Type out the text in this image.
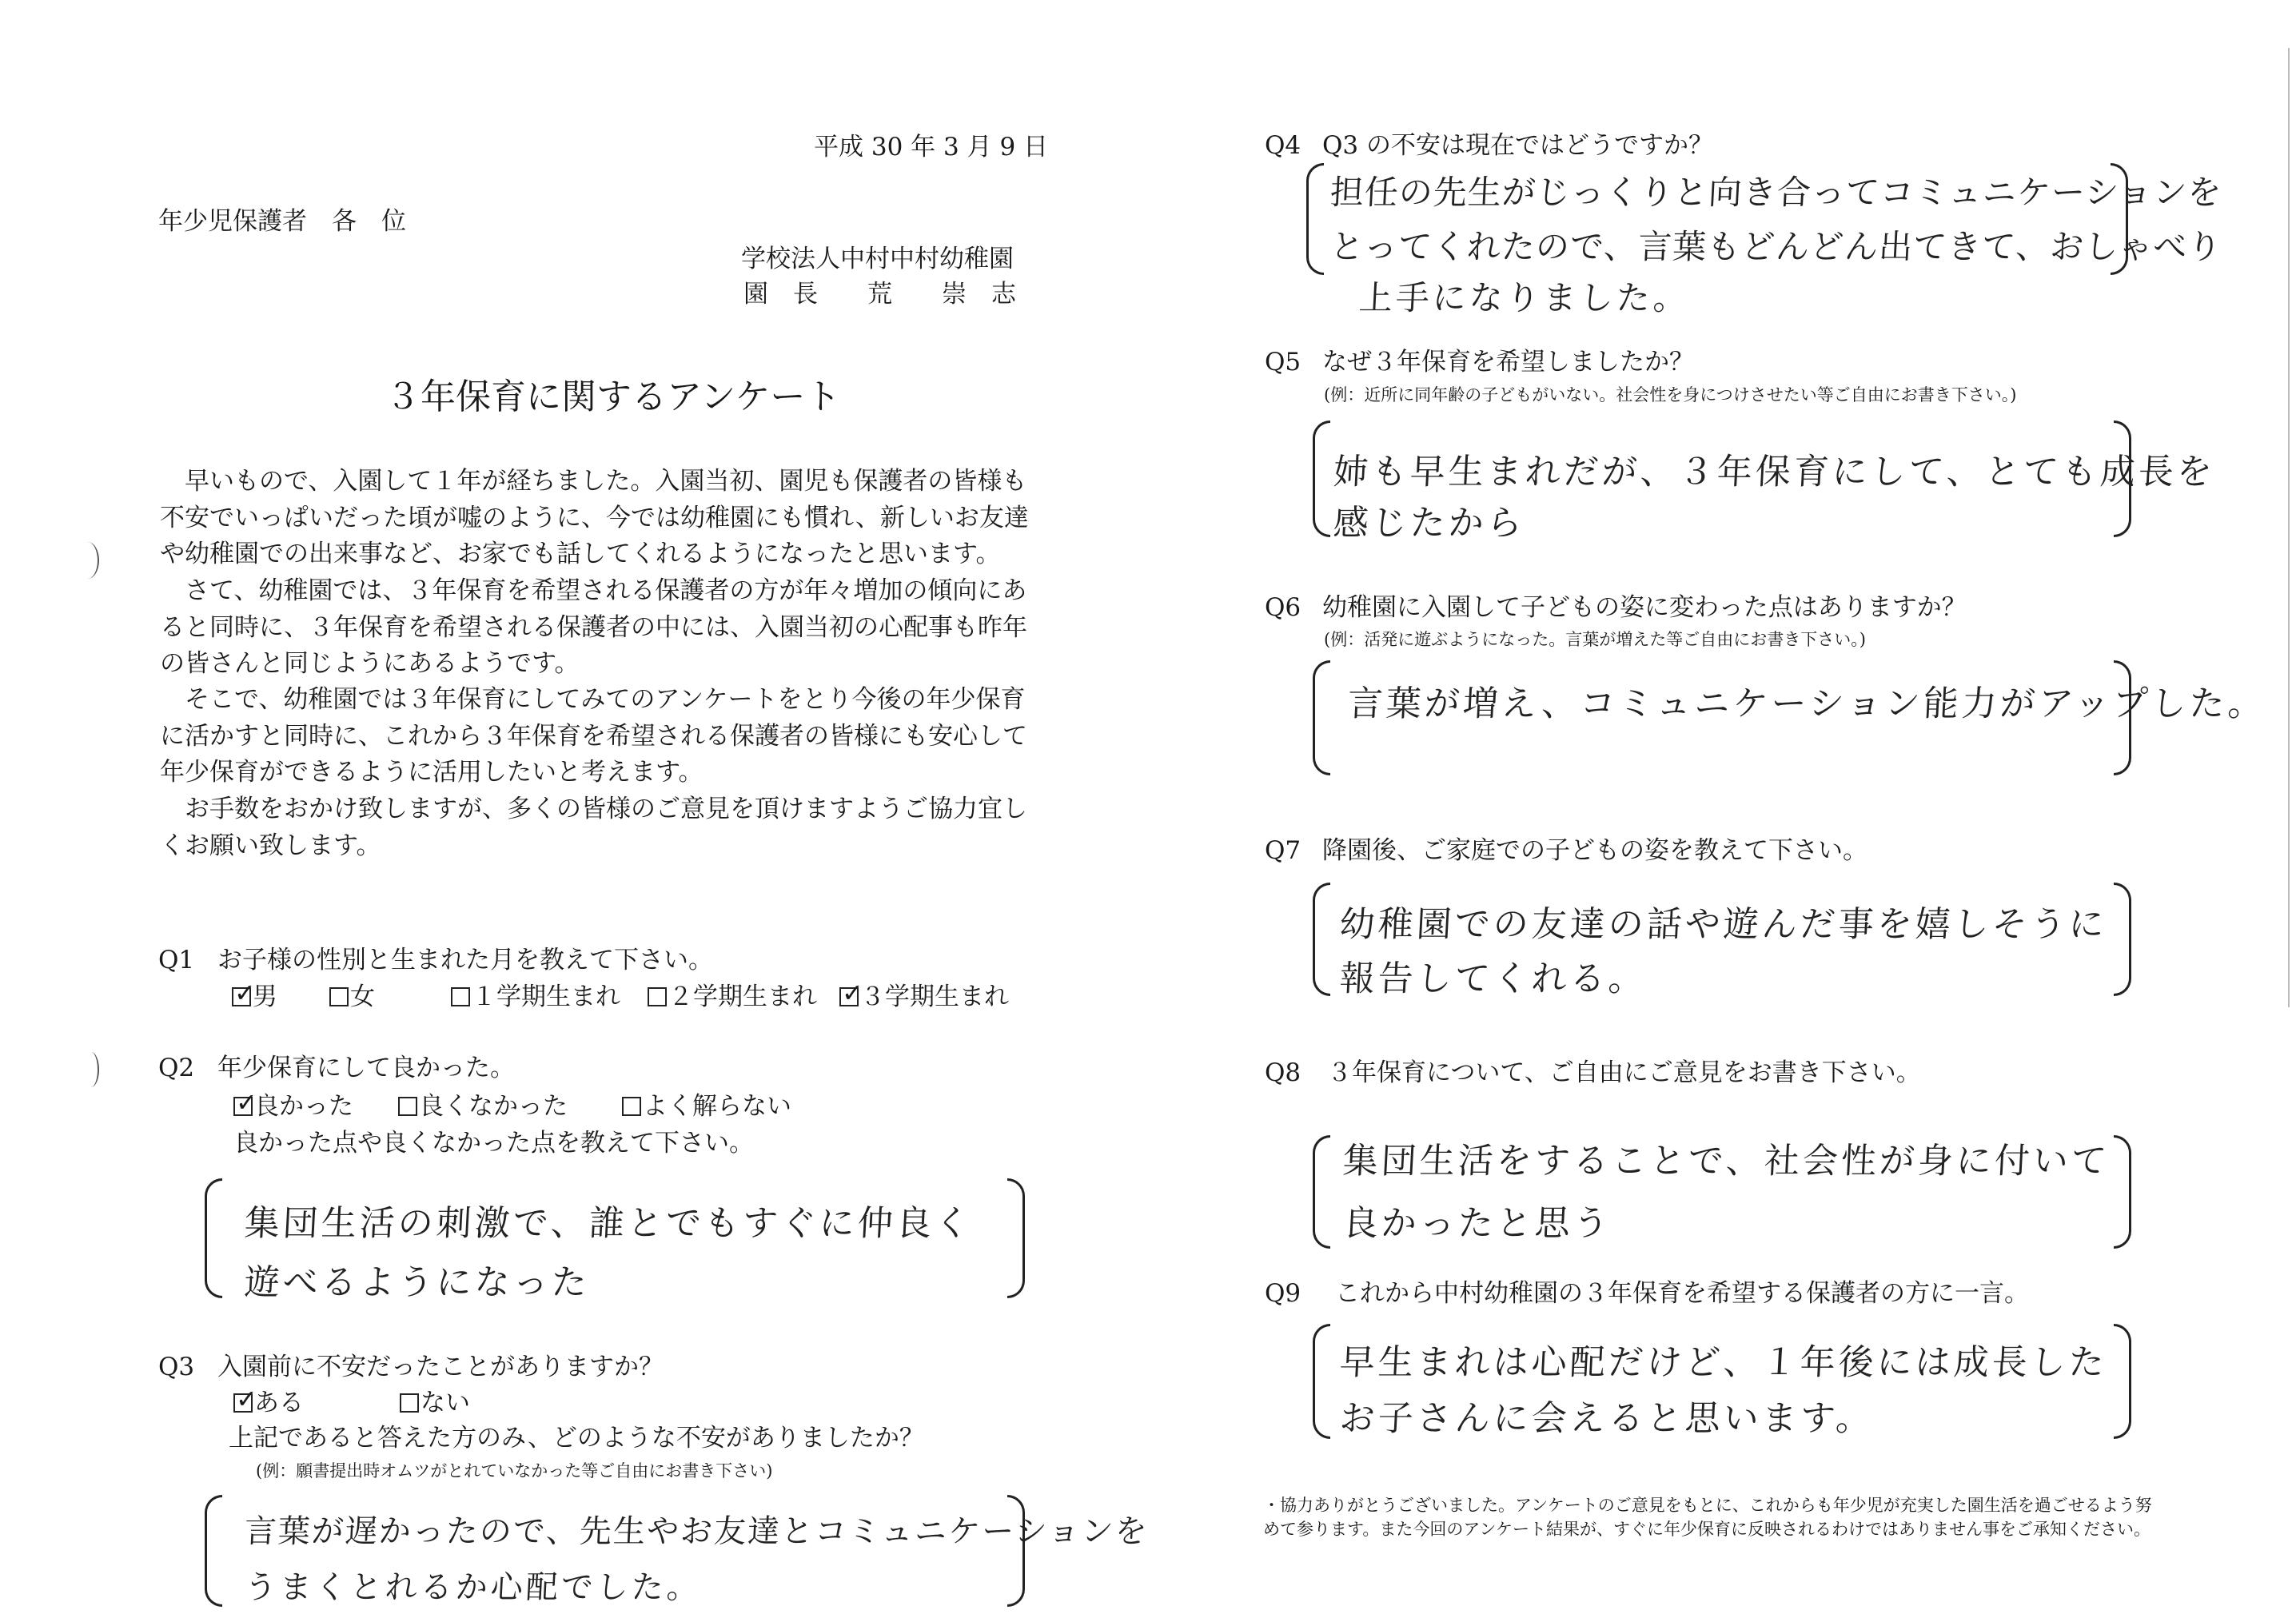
平成 30 年 3 月 9 日
年少児保護者　各　位
学校法人中村中村幼稚園
園　長　　荒　　崇　志
３年保育に関するアンケート
　早いもので、入園して１年が経ちました。入園当初、園児も保護者の皆様も不安でいっぱいだった頃が嘘のように、今では幼稚園にも慣れ、新しいお友達や幼稚園での出来事など、お家でも話してくれるようになったと思います。
　さて、幼稚園では、３年保育を希望される保護者の方が年々増加の傾向にあると同時に、３年保育を希望される保護者の中には、入園当初の心配事も昨年の皆さんと同じようにあるようです。
　そこで、幼稚園では３年保育にしてみてのアンケートをとり今後の年少保育に活かすと同時に、これから３年保育を希望される保護者の皆様にも安心して年少保育ができるように活用したいと考えます。
　お手数をおかけ致しますが、多くの皆様のご意見を頂けますようご協力宜しくお願い致します。
Q1 お子様の性別と生まれた月を教えて下さい。
✓男	女	１学期生まれ	２学期生まれ
✓	３学期生まれ
Q2 年少保育にして良かった。
✓良かった	良くなかった	よく解らない
良かった点や良くなかった点を教えて下さい。
集団生活の刺激で、誰とでもすぐに仲良く
遊べるようになった
Q3 入園前に不安だったことがありますか？
✓ある	ない
上記であると答えた方のみ、どのような不安がありましたか？
(例：願書提出時オムツがとれていなかった等ご自由にお書き下さい)
言葉が遅かったので、先生やお友達とコミュニケーションを
うまくとれるか心配でした。
Q4 Q3 の不安は現在ではどうですか？
担任の先生がじっくりと向き合ってコミュニケーションを
とってくれたので、言葉もどんどん出てきて、おしゃべり
上手になりました。
Q5 なぜ３年保育を希望しましたか？
(例：近所に同年齢の子どもがいない。社会性を身につけさせたい等ご自由にお書き下さい。)
姉も早生まれだが、３年保育にして、とても成長を
感じたから
Q6 幼稚園に入園して子どもの姿に変わった点はありますか？
(例：活発に遊ぶようになった。言葉が増えた等ご自由にお書き下さい。)
言葉が増え、コミュニケーション能力がアップした。
Q7 降園後、ご家庭での子どもの姿を教えて下さい。
幼稚園での友達の話や遊んだ事を嬉しそうに
報告してくれる。
Q8 ３年保育について、ご自由にご意見をお書き下さい。
集団生活をすることで、社会性が身に付いて
良かったと思う
Q9 これから中村幼稚園の３年保育を希望する保護者の方に一言。
早生まれは心配だけど、１年後には成長した
お子さんに会えると思います。
・協力ありがとうございました。アンケートのご意見をもとに、これからも年少児が充実した園生活を過ごせるよう努めて参ります。また今回のアンケート結果が、すぐに年少保育に反映されるわけではありません事をご承知ください。
